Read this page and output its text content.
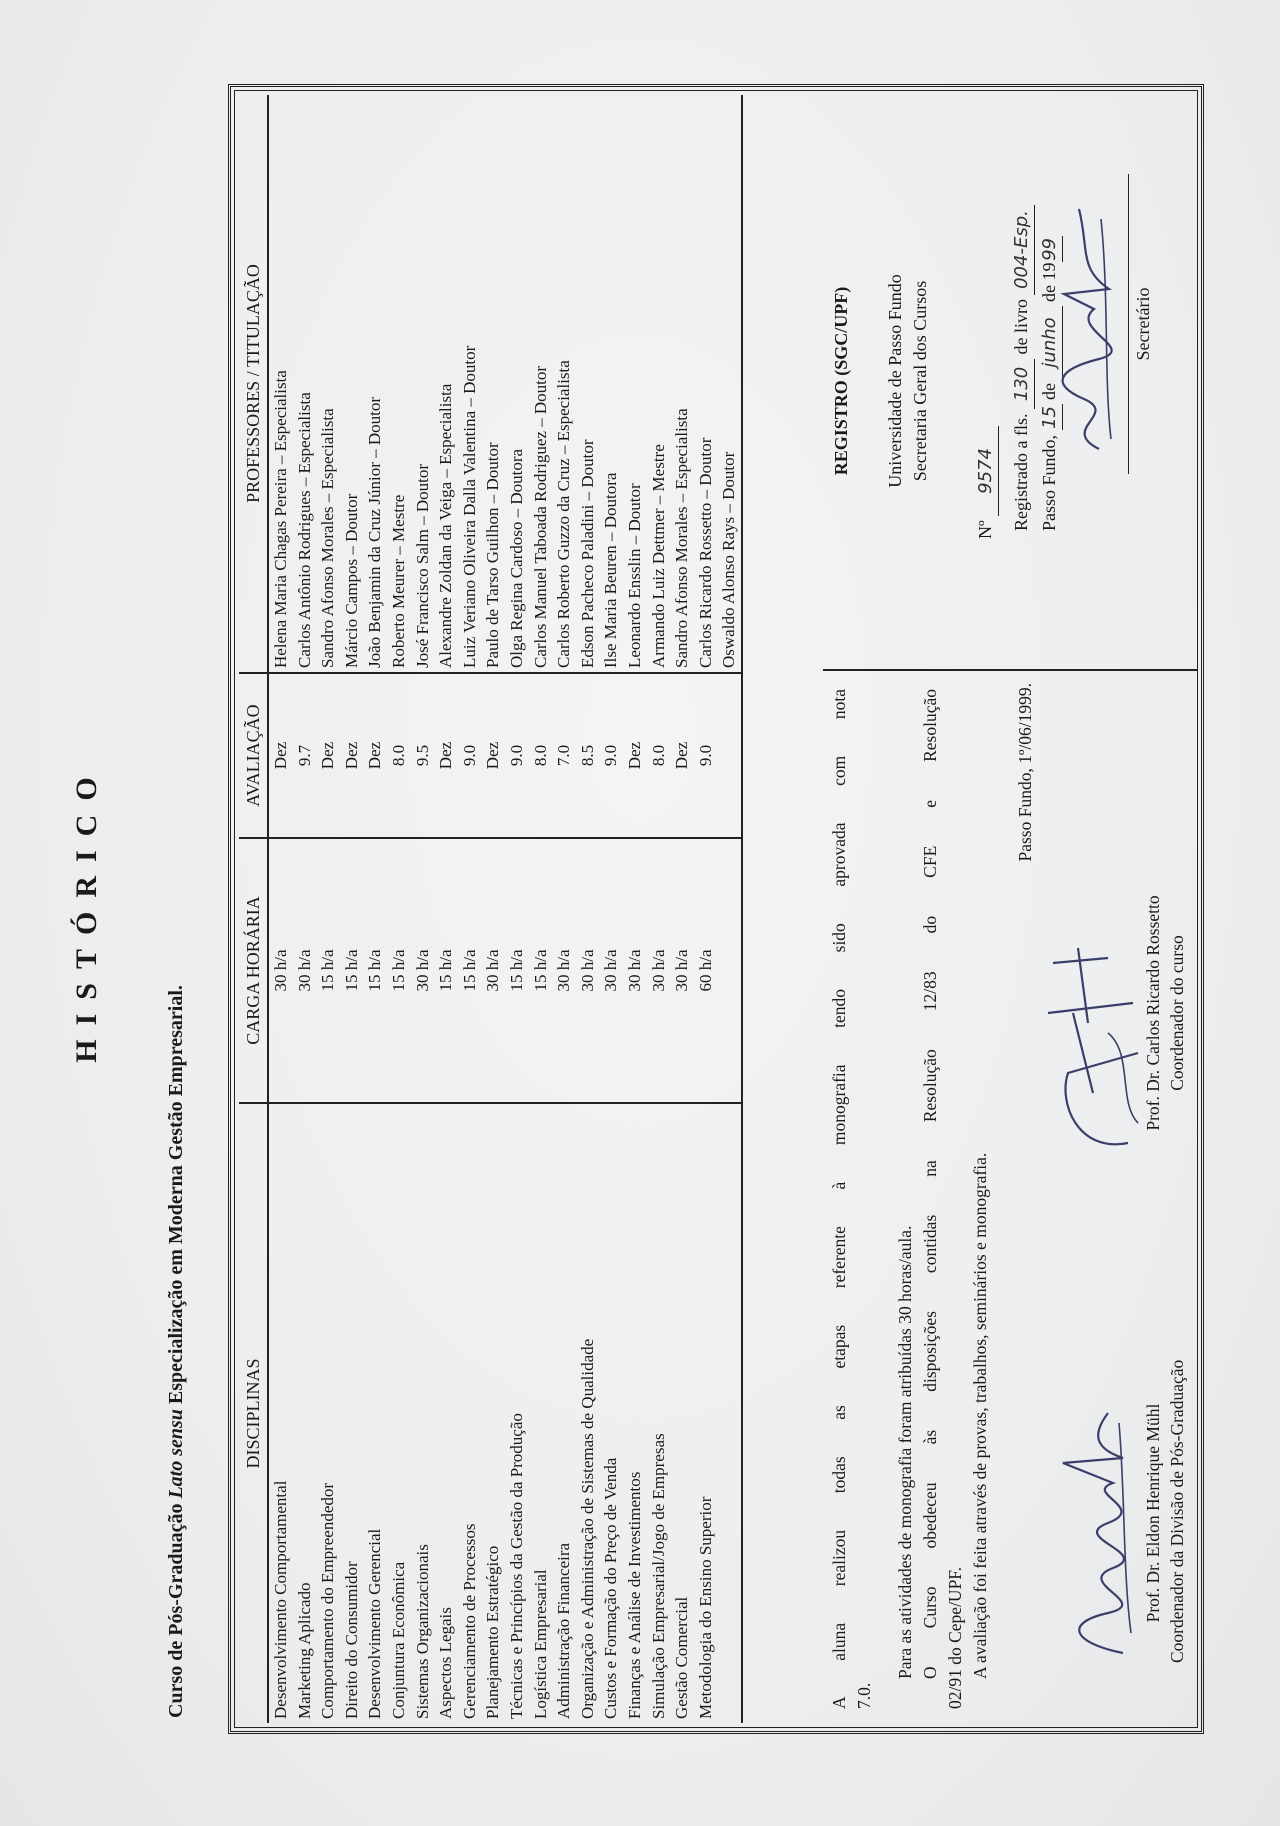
HISTÓRICO
Curso de Pós-Graduação Lato sensu Especialização em Moderna Gestão Empresarial.
DISCIPLINAS	CARGA HORÁRIA	AVALIAÇÃO	PROFESSORES / TITULAÇÃO
Desenvolvimento Comportamental	30 h/a	Dez	Helena Maria Chagas Pereira – Especialista
Marketing Aplicado	30 h/a	9.7	Carlos Antônio Rodrigues – Especialista
Comportamento do Empreendedor	15 h/a	Dez	Sandro Afonso Morales – Especialista
Direito do Consumidor	15 h/a	Dez	Márcio Campos – Doutor
Desenvolvimento Gerencial	15 h/a	Dez	João Benjamin da Cruz Júnior – Doutor
Conjuntura Econômica	15 h/a	8.0	Roberto Meurer – Mestre
Sistemas Organizacionais	30 h/a	9.5	José Francisco Salm – Doutor
Aspectos Legais	15 h/a	Dez	Alexandre Zoldan da Veiga – Especialista
Gerenciamento de Processos	15 h/a	9.0	Luiz Veriano Oliveira Dalla Valentina – Doutor
Planejamento Estratégico	30 h/a	Dez	Paulo de Tarso Guilhon – Doutor
Técnicas e Princípios da Gestão da Produção	15 h/a	9.0	Olga Regina Cardoso – Doutora
Logística Empresarial	15 h/a	8.0	Carlos Manuel Taboada Rodriguez – Doutor
Administração Financeira	30 h/a	7.0	Carlos Roberto Guzzo da Cruz – Especialista
Organização e Administração de Sistemas de Qualidade	30 h/a	8.5	Edson Pacheco Paladini – Doutor
Custos e Formação do Preço de Venda	30 h/a	9.0	Ilse Maria Beuren – Doutora
Finanças e Análise de Investimentos	30 h/a	Dez	Leonardo Ensslin – Doutor
Simulação Empresarial/Jogo de Empresas	30 h/a	8.0	Armando Luiz Dettmer – Mestre
Gestão Comercial	30 h/a	Dez	Sandro Afonso Morales – Especialista
Metodologia do Ensino Superior	60 h/a	9.0	Carlos Ricardo Rossetto – Doutor
			Oswaldo Alonso Rays – Doutor
A aluna realizou todas as etapas referente à monografia tendo sido aprovada com nota 7.0.
Para as atividades de monografia foram atribuídas 30 horas/aula. O Curso obedeceu às disposições contidas na Resolução 12/83 do CFE e Resolução 02/91 do Cepe/UPF. A avaliação foi feita através de provas, trabalhos, seminários e monografia.
Passo Fundo, 1º/06/1999.
Prof. Dr. Eldon Henrique Mühl Coordenador da Divisão de Pós-Graduação
Prof. Dr. Carlos Ricardo Rossetto Coordenador do curso
REGISTRO (SGC/UPF) Universidade de Passo Fundo Secretaria Geral dos Cursos
Nº 9574 Registrado a fls. 130 de livro 004-Esp.
Passo Fundo, 15 de junho de 1999
Secretário
